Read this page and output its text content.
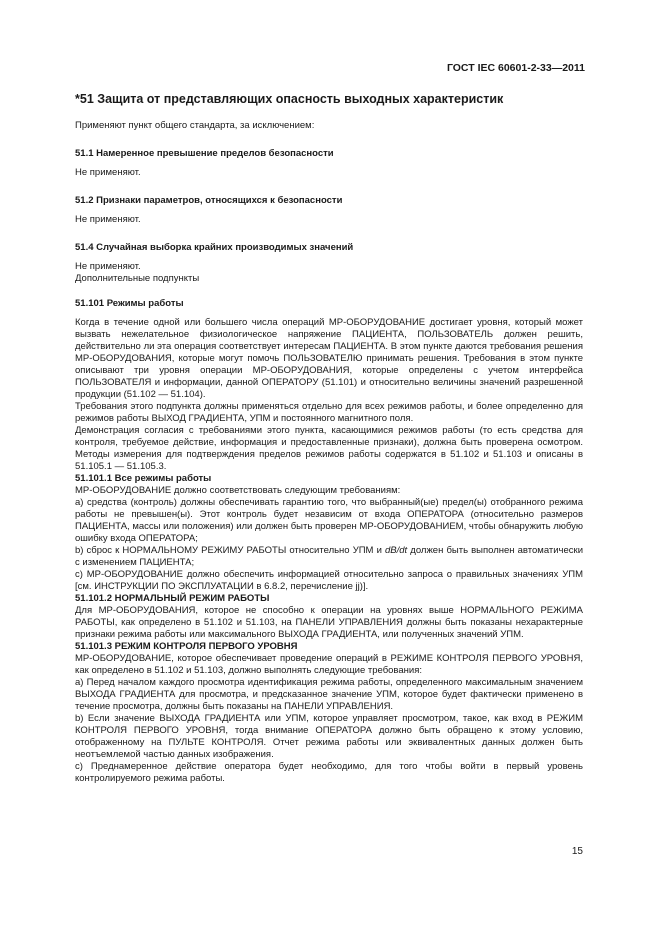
ГОСТ IEC 60601-2-33—2011
*51 Защита от представляющих опасность выходных характеристик

Применяют пункт общего стандарта, за исключением:

51.1 Намеренное превышение пределов безопасности

Не применяют.

51.2 Признаки параметров, относящихся к безопасности

Не применяют.

51.4 Случайная выборка крайних производимых значений

Не применяют.

Дополнительные подпункты

51.101 Режимы работы

Когда в течение одной или большего числа операций МР-ОБОРУДОВАНИЕ достигает уровня, который может вызвать нежелательное физиологическое напряжение ПАЦИЕНТА, ПОЛЬЗОВАТЕЛЬ должен решить, действительно ли эта операция соответствует интересам ПАЦИЕНТА. В этом пункте даются требования решения МР-ОБОРУДОВАНИЯ, которые могут помочь ПОЛЬЗОВАТЕЛЮ принимать решения. Требования в этом пункте описывают три уровня операции МР-ОБОРУДОВАНИЯ, которые определены с учетом интерфейса ПОЛЬЗОВАТЕЛЯ и информации, данной ОПЕРАТОРУ (51.101) и относительно величины значений разрешенной продукции (51.102 — 51.104).

Требования этого подпункта должны применяться отдельно для всех режимов работы, и более определенно для режимов работы ВЫХОД ГРАДИЕНТА, УПМ и постоянного магнитного поля.

Демонстрация согласия с требованиями этого пункта, касающимися режимов работы (то есть средства для контроля, требуемое действие, информация и предоставленные признаки), должна быть проверена осмотром. Методы измерения для подтверждения пределов режимов работы содержатся в 51.102 и 51.103 и описаны в 51.105.1 — 51.105.3.

51.101.1 Все режимы работы

МР-ОБОРУДОВАНИЕ должно соответствовать следующим требованиям:

a) средства (контроль) должны обеспечивать гарантию того, что выбранный(ые) предел(ы) отобранного режима работы не превышен(ы). Этот контроль будет независим от входа ОПЕРАТОРА (относительно размеров ПАЦИЕНТА, массы или положения) или должен быть проверен МР-ОБОРУДОВАНИЕМ, чтобы обнаружить любую ошибку входа ОПЕРАТОРА;

b) сброс к НОРМАЛЬНОМУ РЕЖИМУ РАБОТЫ относительно УПМ и dB/dt должен быть выполнен автоматически с изменением ПАЦИЕНТА;

c) МР-ОБОРУДОВАНИЕ должно обеспечить информацией относительно запроса о правильных значениях УПМ [см. ИНСТРУКЦИИ ПО ЭКСПЛУАТАЦИИ в 6.8.2, перечисление jj)].

51.101.2 НОРМАЛЬНЫЙ РЕЖИМ РАБОТЫ

Для МР-ОБОРУДОВАНИЯ, которое не способно к операции на уровнях выше НОРМАЛЬНОГО РЕЖИМА РАБОТЫ, как определено в 51.102 и 51.103, на ПАНЕЛИ УПРАВЛЕНИЯ должны быть показаны нехарактерные признаки режима работы или максимального ВЫХОДА ГРАДИЕНТА, или полученных значений УПМ.

51.101.3 РЕЖИМ КОНТРОЛЯ ПЕРВОГО УРОВНЯ

МР-ОБОРУДОВАНИЕ, которое обеспечивает проведение операций в РЕЖИМЕ КОНТРОЛЯ ПЕРВОГО УРОВНЯ, как определено в 51.102 и 51.103, должно выполнять следующие требования:

a) Перед началом каждого просмотра идентификация режима работы, определенного максимальным значением ВЫХОДА ГРАДИЕНТА для просмотра, и предсказанное значение УПМ, которое будет фактически применено в течение просмотра, должны быть показаны на ПАНЕЛИ УПРАВЛЕНИЯ.

b) Если значение ВЫХОДА ГРАДИЕНТА или УПМ, которое управляет просмотром, такое, как вход в РЕЖИМ КОНТРОЛЯ ПЕРВОГО УРОВНЯ, тогда внимание ОПЕРАТОРА должно быть обращено к этому условию, отображенному на ПУЛЬТЕ КОНТРОЛЯ. Отчет режима работы или эквивалентных данных должен быть неотъемлемой частью данных изображения.

c) Преднамеренное действие оператора будет необходимо, для того чтобы войти в первый уровень контролируемого режима работы.

15
